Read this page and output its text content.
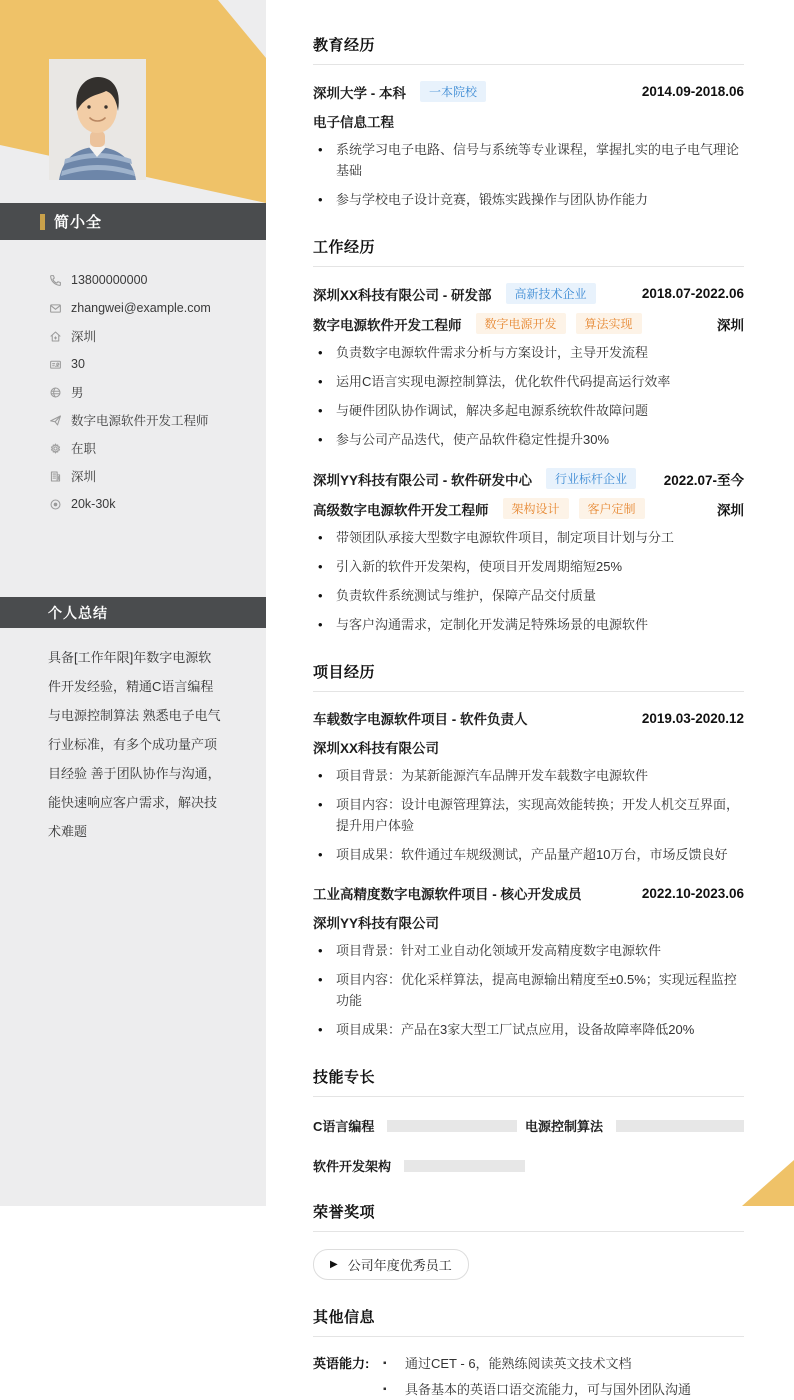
简小全
13800000000
zhangwei@example.com
深圳
30
男
数字电源软件开发工程师
在职
深圳
20k-30k
个人总结
具备[工作年限]年数字电源软件开发经验，精通C语言编程与电源控制算法 熟悉电子电气行业标准，有多个成功量产项目经验 善于团队协作与沟通，能快速响应客户需求，解决技术难题
教育经历
深圳大学 - 本科	一本院校	2014.09-2018.06
电子信息工程
• 系统学习电子电路、信号与系统等专业课程，掌握扎实的电子电气理论基础
• 参与学校电子设计竞赛，锻炼实践操作与团队协作能力
工作经历
深圳XX科技有限公司 - 研发部	高新技术企业	2018.07-2022.06
数字电源软件开发工程师	数字电源开发	算法实现	深圳
• 负责数字电源软件需求分析与方案设计，主导开发流程
• 运用C语言实现电源控制算法，优化软件代码提高运行效率
• 与硬件团队协作调试，解决多起电源系统软件故障问题
• 参与公司产品迭代，使产品软件稳定性提升30%
深圳YY科技有限公司 - 软件研发中心	行业标杆企业	2022.07-至今
高级数字电源软件开发工程师	架构设计	客户定制	深圳
• 带领团队承接大型数字电源软件项目，制定项目计划与分工
• 引入新的软件开发架构，使项目开发周期缩短25%
• 负责软件系统测试与维护，保障产品交付质量
• 与客户沟通需求，定制化开发满足特殊场景的电源软件
项目经历
车载数字电源软件项目 - 软件负责人	2019.03-2020.12
深圳XX科技有限公司
• 项目背景：为某新能源汽车品牌开发车载数字电源软件
• 项目内容：设计电源管理算法，实现高效能转换；开发人机交互界面，提升用户体验
• 项目成果：软件通过车规级测试，产品量产超10万台，市场反馈良好
工业高精度数字电源软件项目 - 核心开发成员	2022.10-2023.06
深圳YY科技有限公司
• 项目背景：针对工业自动化领域开发高精度数字电源软件
• 项目内容：优化采样算法，提高电源输出精度至±0.5%；实现远程监控功能
• 项目成果：产品在3家大型工厂试点应用，设备故障率降低20%
技能专长
C语言编程	电源控制算法
软件开发架构
荣誉奖项
▶ 公司年度优秀员工
其他信息
英语能力:	▪ 通过CET - 6，能熟练阅读英文技术文档
▪ 具备基本的英语口语交流能力，可与国外团队沟通
